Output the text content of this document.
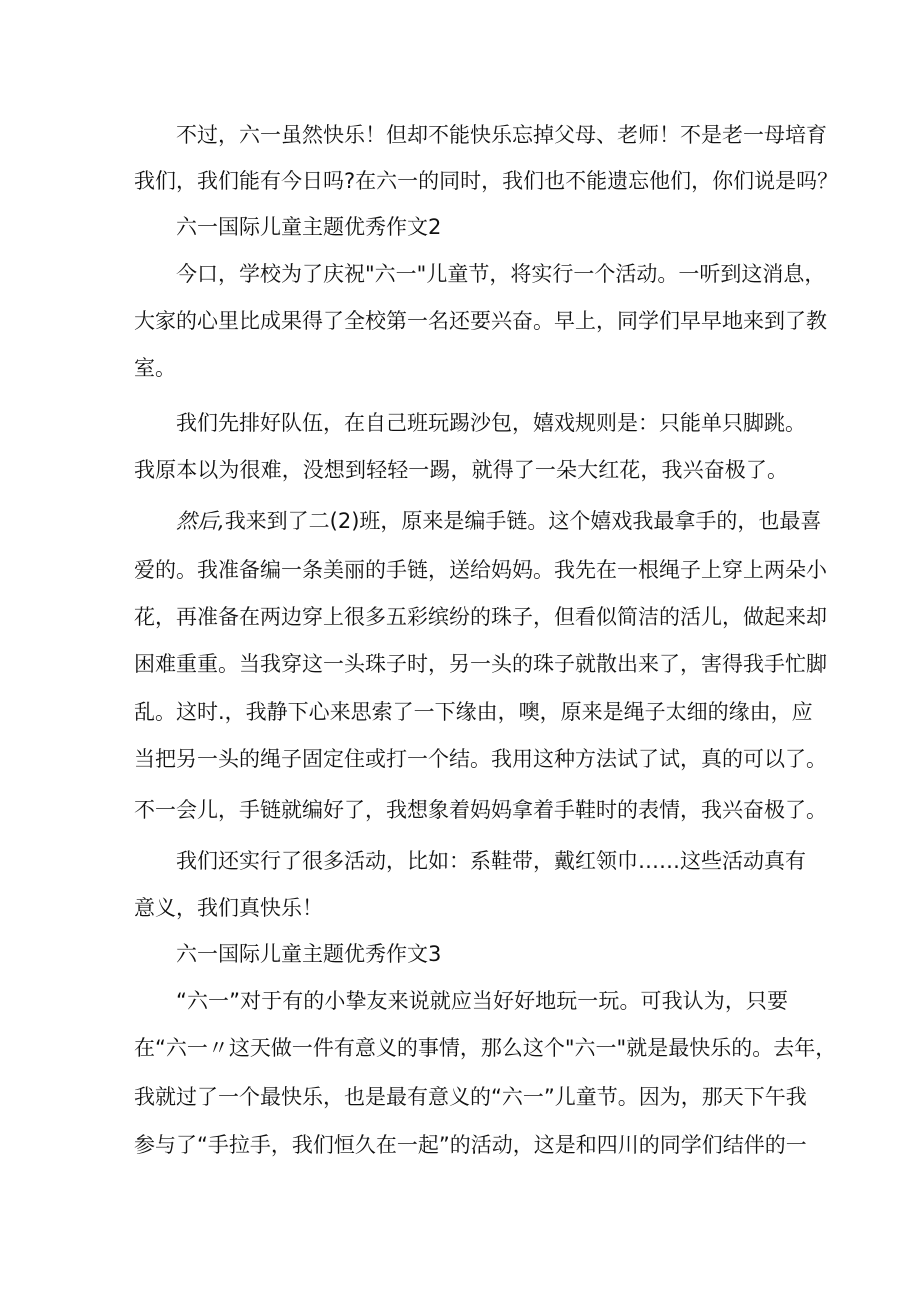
不过，六一虽然快乐！但却不能快乐忘掉父母、老师！不是老一母培育
我们，我们能有今日吗?在六一的同时，我们也不能遗忘他们，你们说是吗？
六一国际儿童主题优秀作文2
今口，学校为了庆祝"六一"儿童节，将实行一个活动。一听到这消息，
大家的心里比成果得了全校第一名还要兴奋。早上，同学们早早地来到了教
室。
我们先排好队伍，在自己班玩踢沙包，嬉戏规则是：只能单只脚跳。
我原本以为很难，没想到轻轻一踢，就得了一朵大红花，我兴奋极了。
然后,我来到了二(2)班，原来是编手链。这个嬉戏我最拿手的，也最喜
爱的。我准备编一条美丽的手链，送给妈妈。我先在一根绳子上穿上两朵小
花，再准备在两边穿上很多五彩缤纷的珠子，但看似简洁的活儿，做起来却
困难重重。当我穿这一头珠子时，另一头的珠子就散出来了，害得我手忙脚
乱。这时.，我静下心来思索了一下缘由，噢，原来是绳子太细的缘由，应
当把另一头的绳子固定住或打一个结。我用这种方法试了试，真的可以了。
不一会儿，手链就编好了，我想象着妈妈拿着手鞋时的表情，我兴奋极了。
我们还实行了很多活动，比如：系鞋带，戴红领巾……这些活动真有
意义，我们真快乐！
六一国际儿童主题优秀作文3
“六一”对于有的小挚友来说就应当好好地玩一玩。可我认为，只要
在“六一〃这天做一件有意义的事情，那么这个"六一"就是最快乐的。去年，
我就过了一个最快乐，也是最有意义的“六一”儿童节。因为，那天下午我
参与了“手拉手，我们恒久在一起”的活动，这是和四川的同学们结伴的一
